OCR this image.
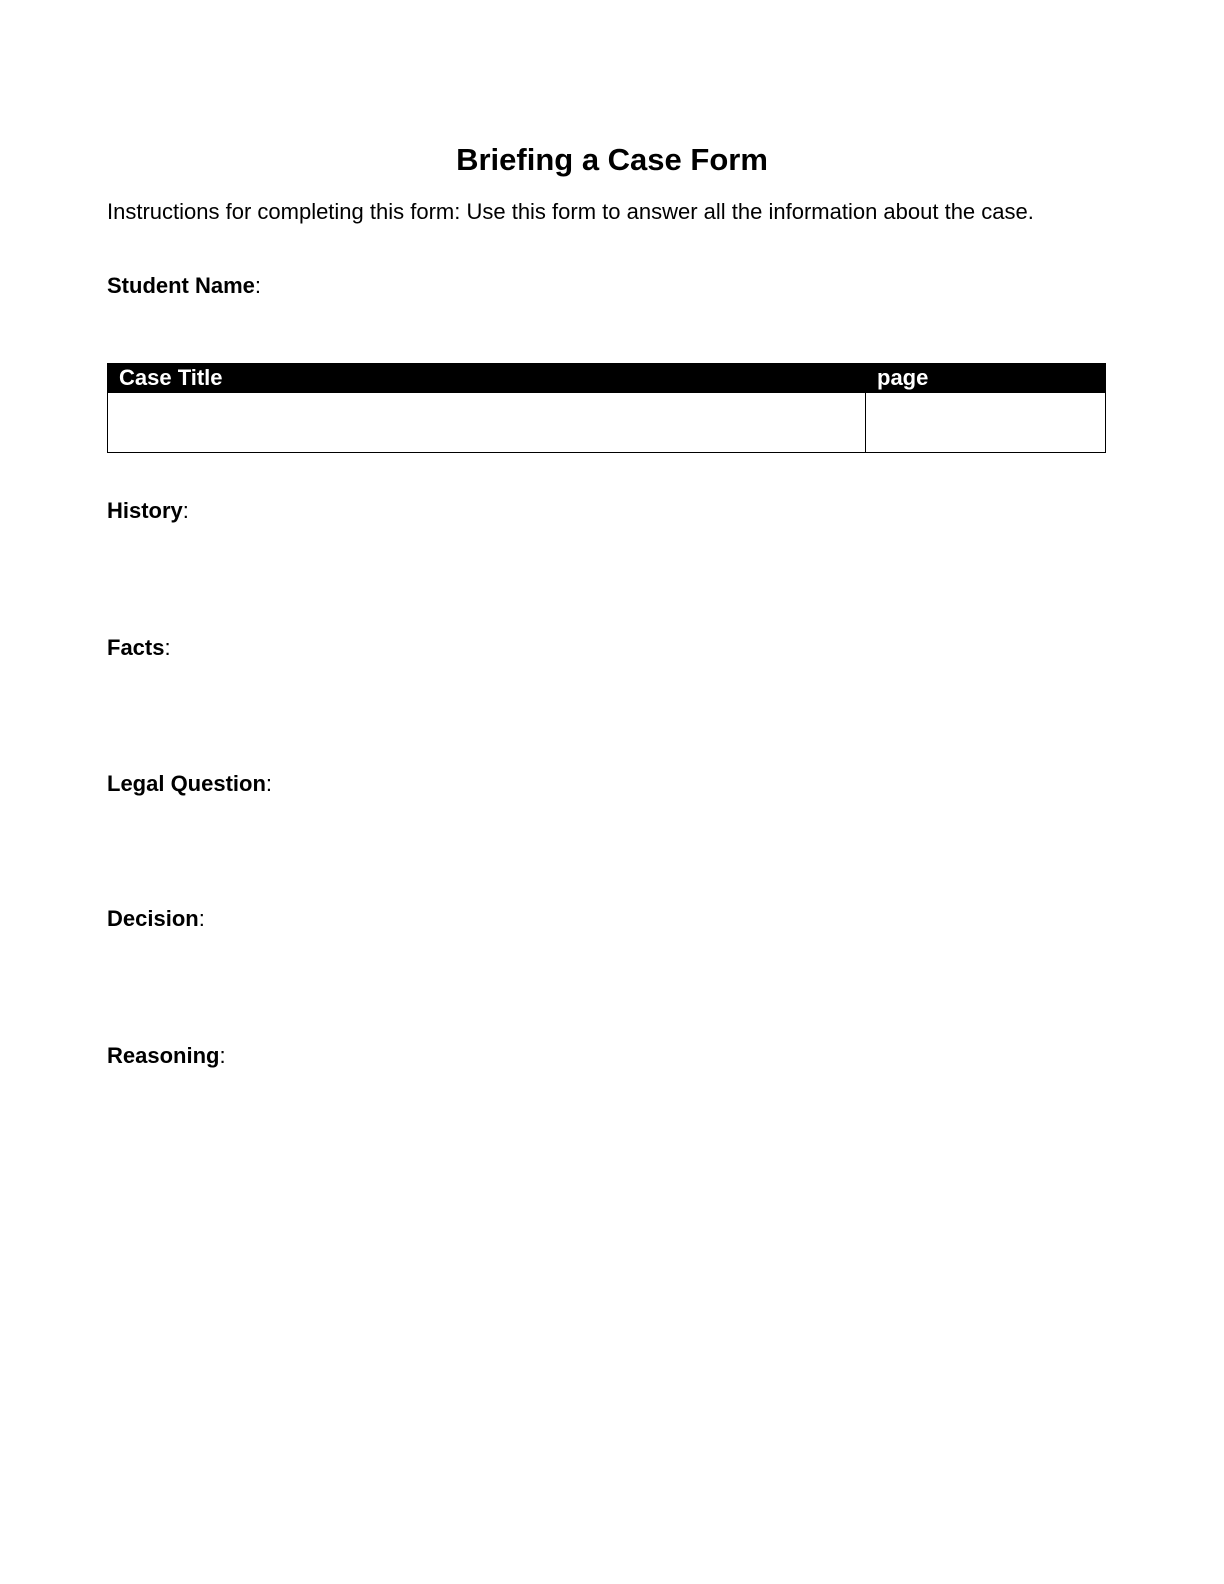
Briefing a Case Form

Instructions for completing this form: Use this form to answer all the information about the case.

Student Name:

Case Title	page

History:

Facts:

Legal Question:

Decision:

Reasoning:
